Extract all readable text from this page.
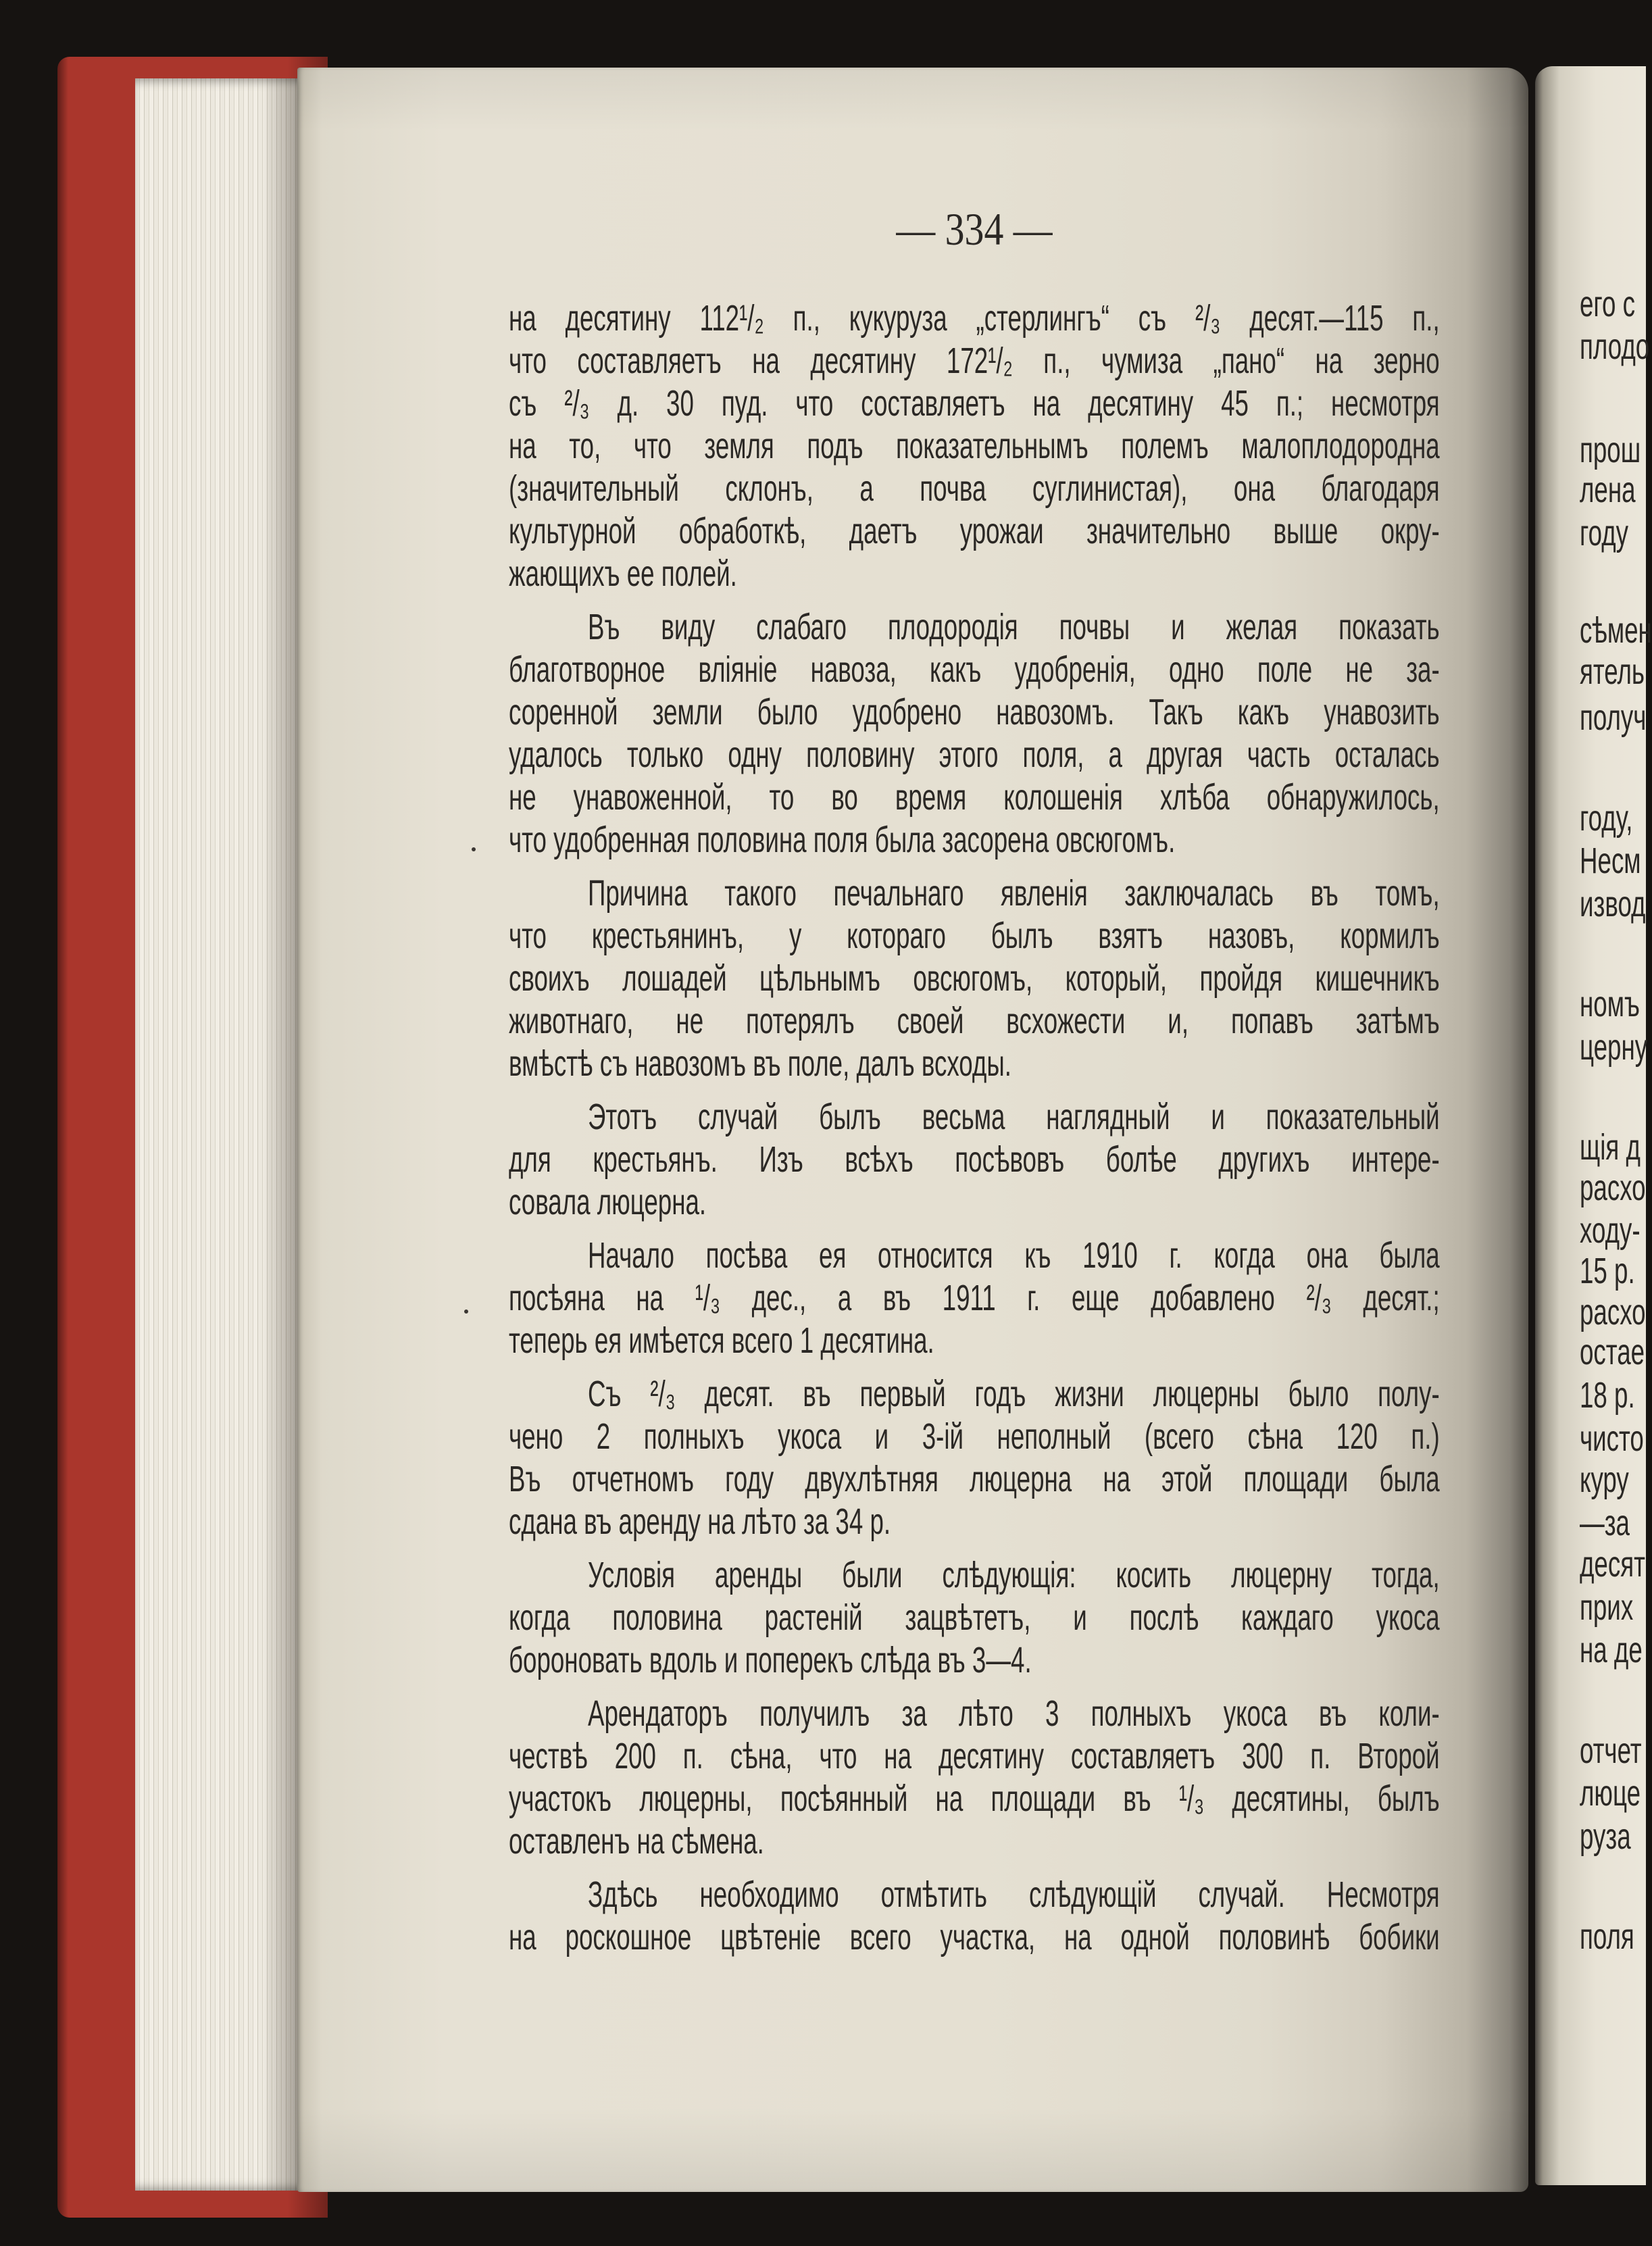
— 334 —
на десятину 112¹/₂ п., кукуруза „стерлингъ“ съ ²/₃ десят.—115 п.,
что составляетъ на десятину 172¹/₂ п., чумиза „пано“ на зерно
съ ²/₃ д. 30 пуд. что составляетъ на десятину 45 п.; несмотря
на то, что земля подъ показательнымъ полемъ малоплодородна
(значительный склонъ, а почва суглинистая), она благодаря
культурной обработкѣ, даетъ урожаи значительно выше окру-
жающихъ ее полей.
Въ виду слабаго плодородія почвы и желая показать
благотворное вліяніе навоза, какъ удобренія, одно поле не за-
соренной земли было удобрено навозомъ. Такъ какъ унавозить
удалось только одну половину этого поля, а другая часть осталась
не унавоженной, то во время колошенія хлѣба обнаружилось,
что удобренная половина поля была засорена овсюгомъ.
Причина такого печальнаго явленія заключалась въ томъ,
что крестьянинъ, у котораго былъ взятъ назовъ, кормилъ
своихъ лошадей цѣльнымъ овсюгомъ, который, пройдя кишечникъ
животнаго, не потерялъ своей всхожести и, попавъ затѣмъ
вмѣстѣ съ навозомъ въ поле, далъ всходы.
Этотъ случай былъ весьма наглядный и показательный
для крестьянъ. Изъ всѣхъ посѣвовъ болѣе другихъ интере-
совала люцерна.
Начало посѣва ея относится къ 1910 г. когда она была
посѣяна на ¹/₃ дес., а въ 1911 г. еще добавлено ²/₃ десят.;
теперь ея имѣется всего 1 десятина.
Съ ²/₃ десят. въ первый годъ жизни люцерны было полу-
чено 2 полныхъ укоса и 3-ій неполный (всего сѣна 120 п.)
Въ отчетномъ году двухлѣтняя люцерна на этой площади была
сдана въ аренду на лѣто за 34 р.
Условія аренды были слѣдующія: косить люцерну тогда,
когда половина растеній зацвѣтетъ, и послѣ каждаго укоса
бороновать вдоль и поперекъ слѣда въ 3—4.
Арендаторъ получилъ за лѣто 3 полныхъ укоса въ коли-
чествѣ 200 п. сѣна, что на десятину составляетъ 300 п. Второй
участокъ люцерны, посѣянный на площади въ ¹/₃ десятины, былъ
оставленъ на сѣмена.
Здѣсь необходимо отмѣтить слѣдующій случай. Несмотря
на роскошное цвѣтеніе всего участка, на одной половинѣ бобики
его с
плодо
прош
лена
году
сѣмен
ятель
получ
году,
Несм
извод
номъ
церну
щія д
расхо
ходу-
15 р.
расхо
остае
18 р.
чисто
куру
—за
десят
прих
на де
отчет
люце
руза
поля
